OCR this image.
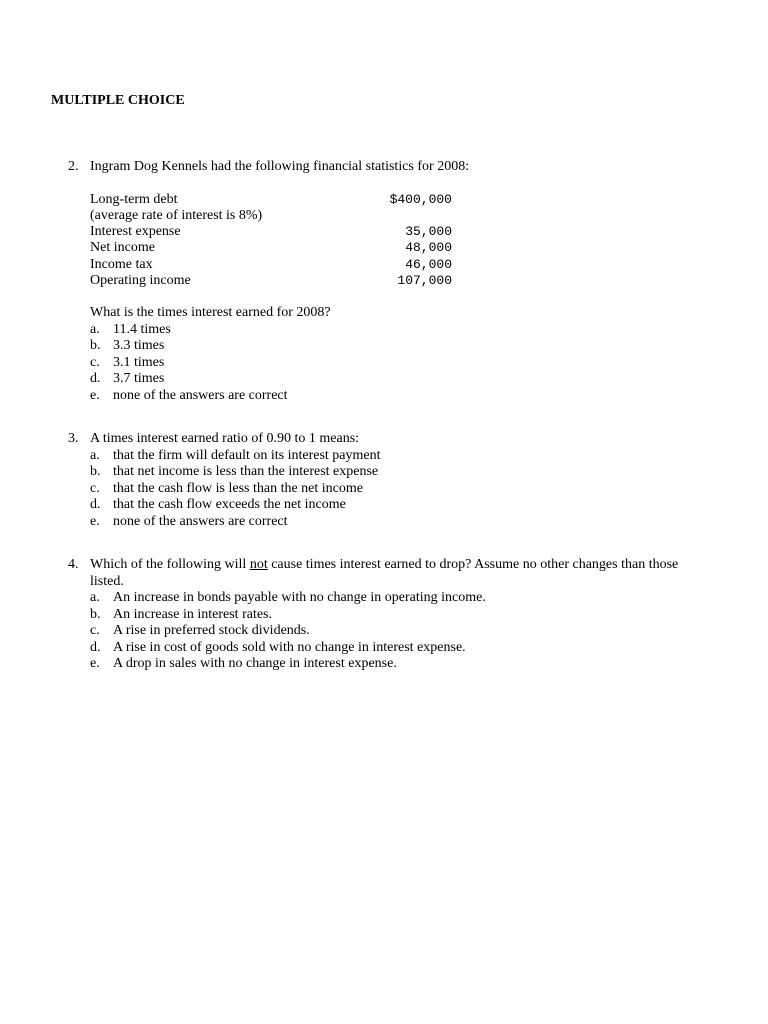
MULTIPLE CHOICE
2. Ingram Dog Kennels had the following financial statistics for 2008:

Long-term debt	$400,000
(average rate of interest is 8%)
Interest expense	35,000
Net income	48,000
Income tax	46,000
Operating income	107,000

What is the times interest earned for 2008?

a. 11.4 times
b. 3.3 times
c. 3.1 times
d. 3.7 times
e. none of the answers are correct
3. A times interest earned ratio of 0.90 to 1 means:

a. that the firm will default on its interest payment
b. that net income is less than the interest expense
c. that the cash flow is less than the net income
d. that the cash flow exceeds the net income
e. none of the answers are correct
4. Which of the following will not cause times interest earned to drop? Assume no other changes than those listed.

a. An increase in bonds payable with no change in operating income.
b. An increase in interest rates.
c. A rise in preferred stock dividends.
d. A rise in cost of goods sold with no change in interest expense.
e. A drop in sales with no change in interest expense.
